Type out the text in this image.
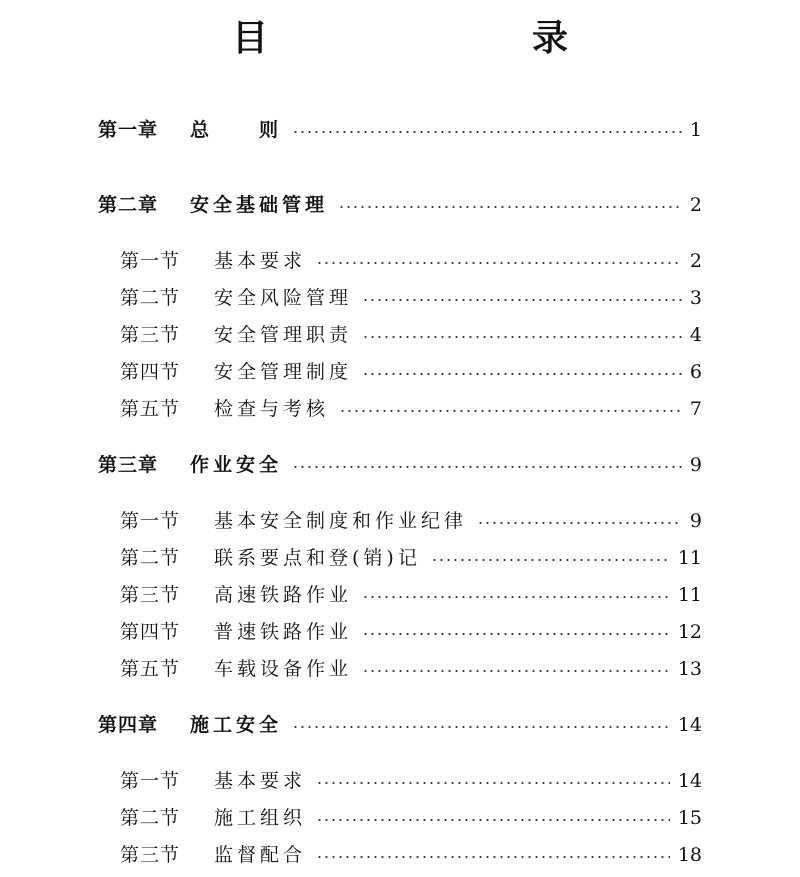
目　　录
第一章	总　　则	1
第二章	安全基础管理	2
第一节	基本要求	2
第二节	安全风险管理	3
第三节	安全管理职责	4
第四节	安全管理制度	6
第五节	检查与考核	7
第三章	作业安全	9
第一节	基本安全制度和作业纪律	9
第二节	联系要点和登(销)记	11
第三节	高速铁路作业	11
第四节	普速铁路作业	12
第五节	车载设备作业	13
第四章	施工安全	14
第一节	基本要求	14
第二节	施工组织	15
第三节	监督配合	18
